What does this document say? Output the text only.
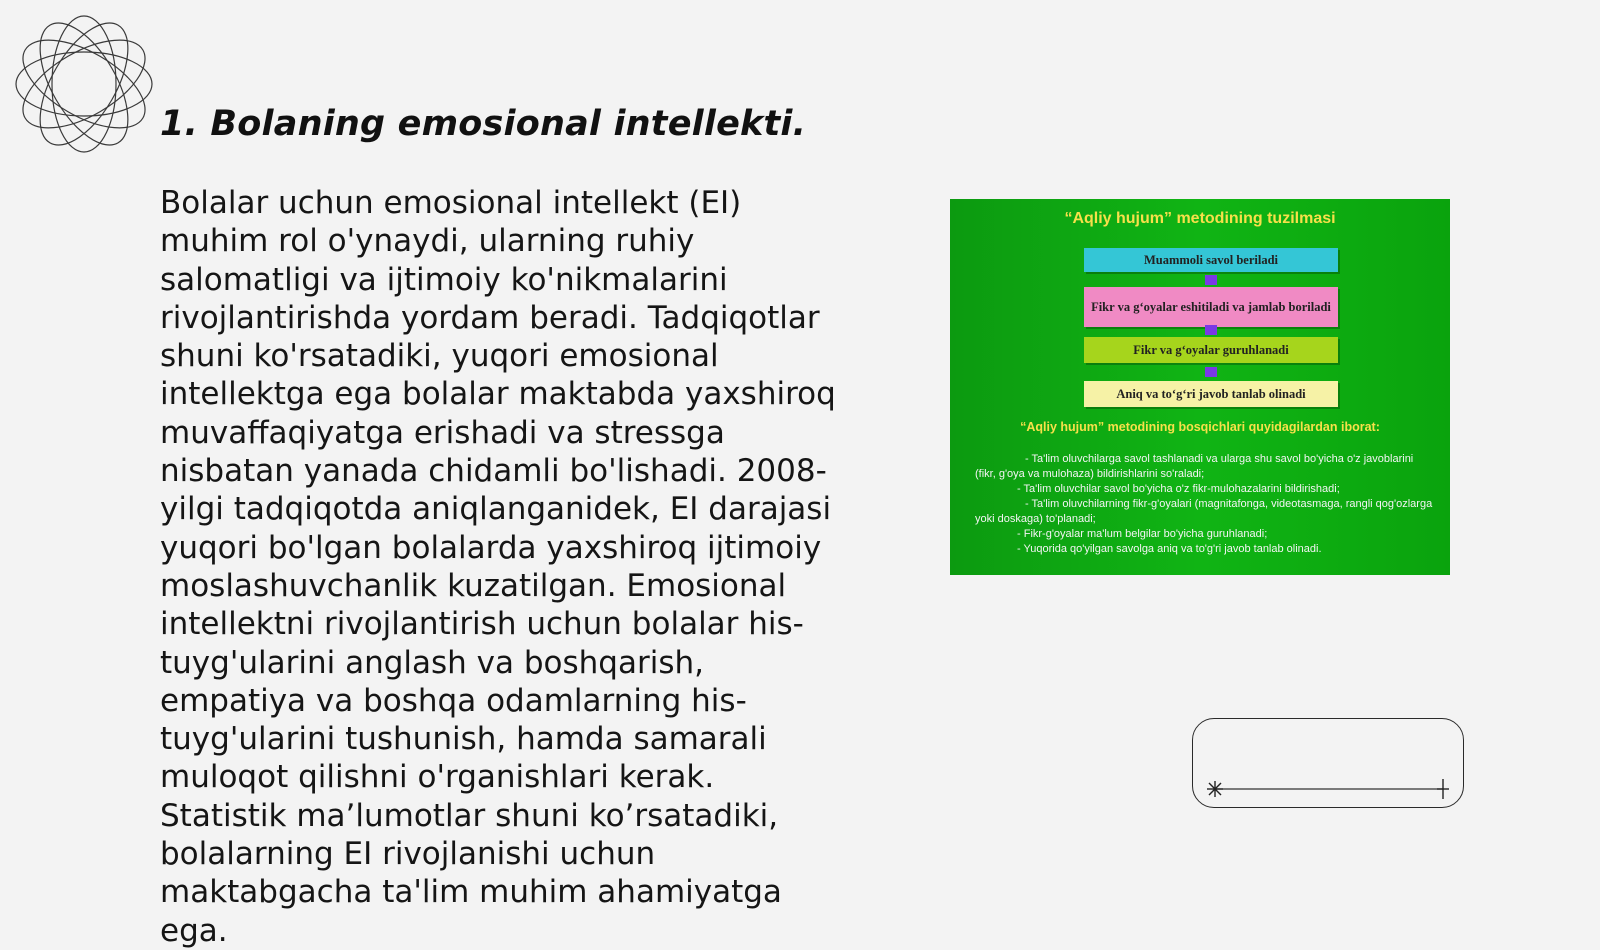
1. Bolaning emosional intellekti.

Bolalar uchun emosional intellekt (EI) muhim rol o'ynaydi, ularning ruhiy salomatligi va ijtimoiy ko'nikmalarini rivojlantirishda yordam beradi. Tadqiqotlar shuni ko'rsatadiki, yuqori emosional intellektga ega bolalar maktabda yaxshiroq muvaffaqiyatga erishadi va stressga nisbatan yanada chidamli bo'lishadi. 2008-yilgi tadqiqotda aniqlanganidek, EI darajasi yuqori bo'lgan bolalarda yaxshiroq ijtimoiy moslashuvchanlik kuzatilgan. Emosional intellektni rivojlantirish uchun bolalar his-tuyg'ularini anglash va boshqarish, empatiya va boshqa odamlarning his-tuyg'ularini tushunish, hamda samarali muloqot qilishni o'rganishlari kerak. Statistik ma’lumotlar shuni ko’rsatadiki, bolalarning EI rivojlanishi uchun maktabgacha ta'lim muhim ahamiyatga ega.

“Aqliy hujum” metodining tuzilmasi
Muammoli savol beriladi
Fikr va g‘oyalar eshitiladi va jamlab boriladi
Fikr va g‘oyalar guruhlanadi
Aniq va to‘g‘ri javob tanlab olinadi
“Aqliy hujum” metodining bosqichlari quyidagilardan iborat:

- Ta'lim oluvchilarga savol tashlanadi va ularga shu savol bo'yicha o'z javoblarini (fikr, g'oya va mulohaza) bildirishlarini so'raladi;

- Ta'lim oluvchilar savol bo'yicha o'z fikr-mulohazalarini bildirishadi;

- Ta'lim oluvchilarning fikr-g'oyalari (magnitafonga, videotasmaga, rangli qog'ozlarga yoki doskaga) to'planadi;

- Fikr-g'oyalar ma'lum belgilar bo'yicha guruhlanadi;

- Yuqorida qo'yilgan savolga aniq va to'g'ri javob tanlab olinadi.
